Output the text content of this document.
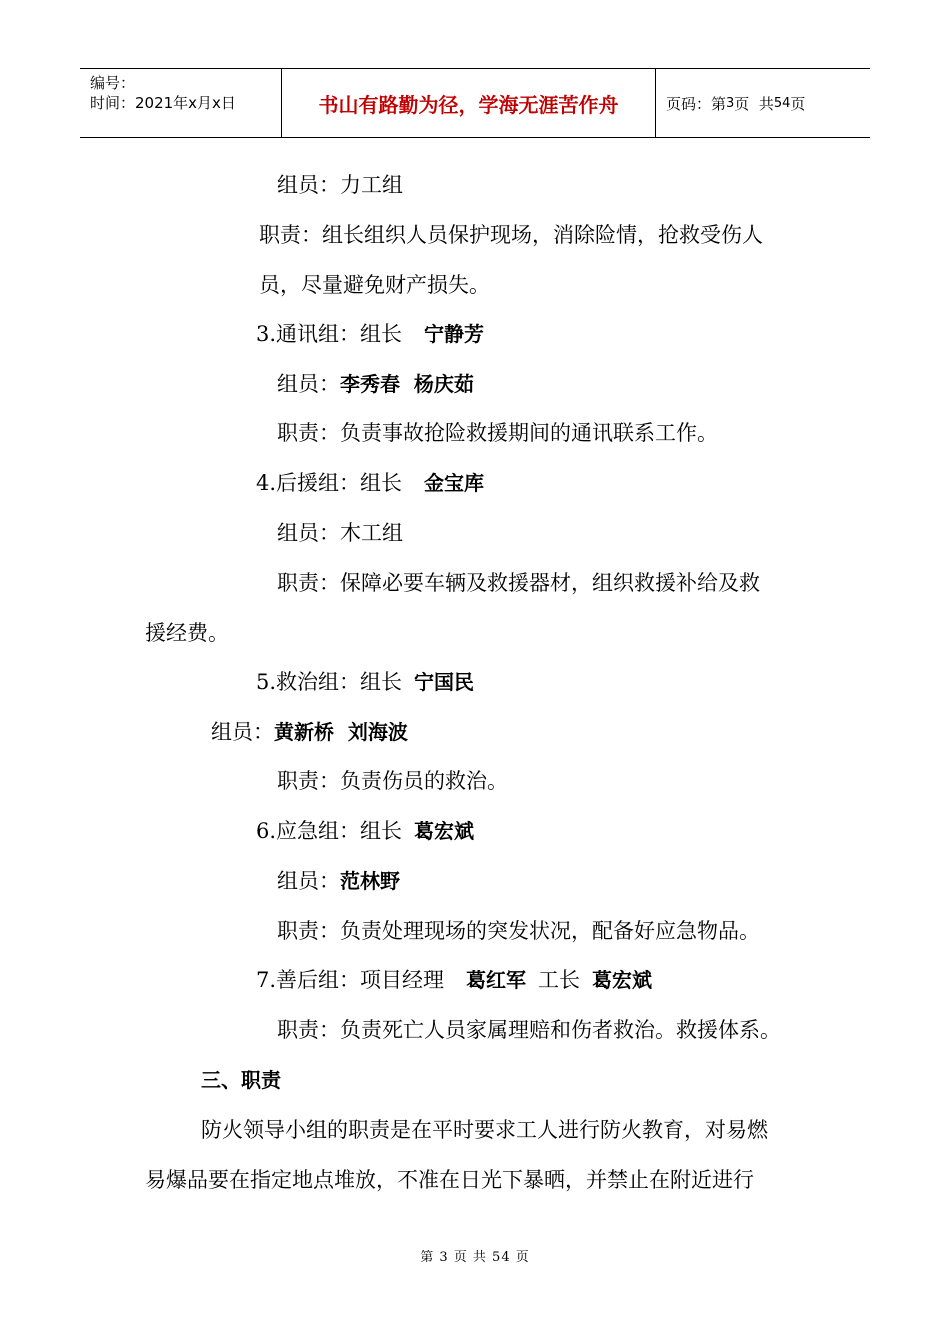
编号：
时间：2021年x月x日	书山有路勤为径，学海无涯苦作舟	页码：第 3 页  共 54 页
组员：力工组
职责：组长组织人员保护现场，消除险情，抢救受伤人
员，尽量避免财产损失。
3.通讯组：组长 宁静芳
组员：李秀春  杨庆茹
职责：负责事故抢险救援期间的通讯联系工作。
4.后援组：组长 金宝库
组员：木工组
职责：保障必要车辆及救援器材，组织救援补给及救
援经费。
5.救治组：组长 宁国民
组员：黄新桥  刘海波
职责：负责伤员的救治。
6.应急组：组长 葛宏斌
组员：范林野
职责：负责处理现场的突发状况，配备好应急物品。
7.善后组：项目经理 葛红军 工长 葛宏斌
职责：负责死亡人员家属理赔和伤者救治。救援体系。
三、职责
防火领导小组的职责是在平时要求工人进行防火教育，对易燃
易爆品要在指定地点堆放，不准在日光下暴晒，并禁止在附近进行
第 3 页 共 54 页
